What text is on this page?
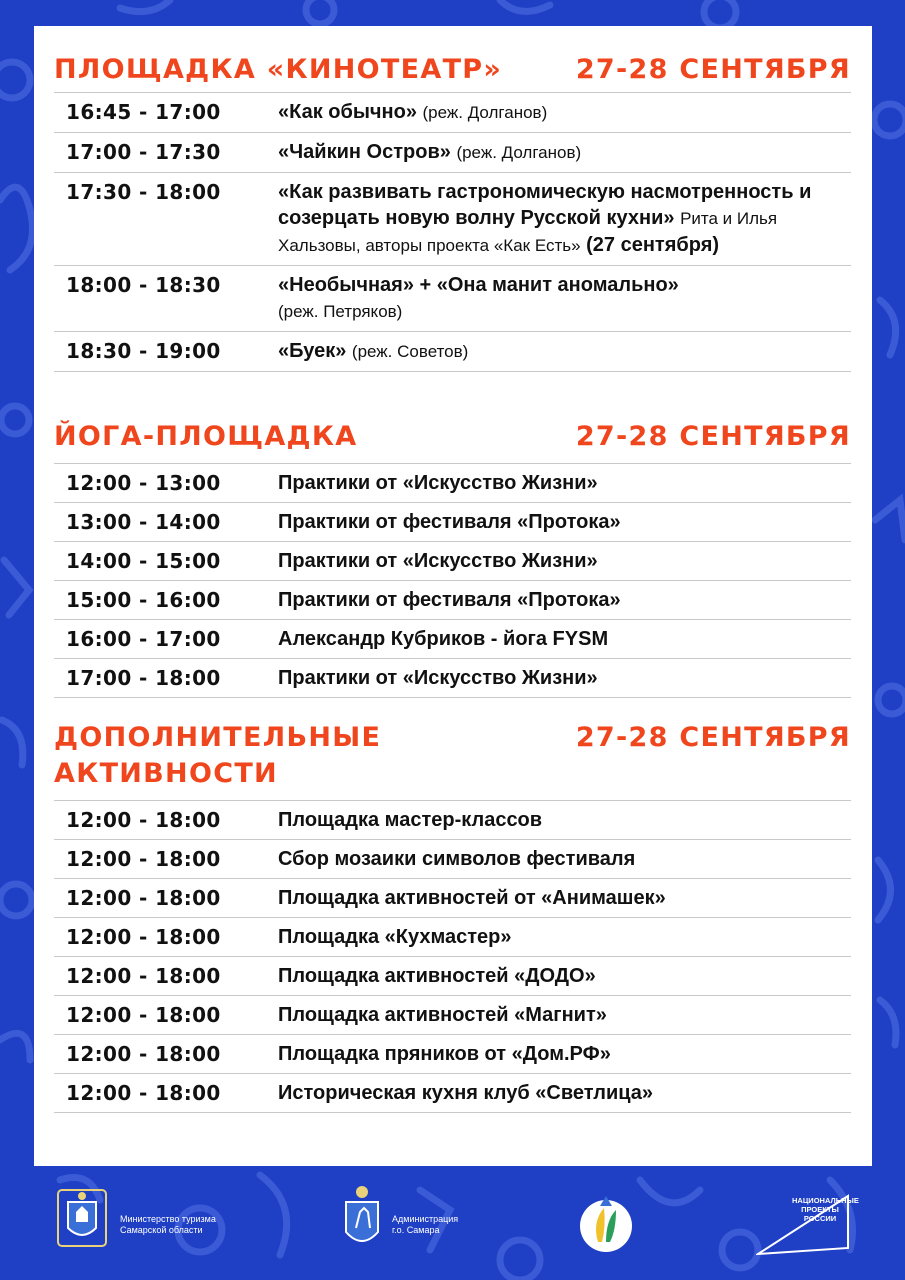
ПЛОЩАДКА «КИНОТЕАТР»	27-28 СЕНТЯБРЯ
16:45 - 17:00	«Как обычно» (реж. Долганов)
17:00 - 17:30	«Чайкин Остров» (реж. Долганов)
17:30 - 18:00	«Как развивать гастрономическую насмотренность и созерцать новую волну Русской кухни» Рита и Илья Хальзовы, авторы проекта «Как Есть» (27 сентября)
18:00 - 18:30	«Необычная» + «Она манит аномально»
(реж. Петряков)
18:30 - 19:00	«Буек» (реж. Советов)
ЙОГА-ПЛОЩАДКА	27-28 СЕНТЯБРЯ
12:00 - 13:00	Практики от «Искусство Жизни»
13:00 - 14:00	Практики от фестиваля «Протока»
14:00 - 15:00	Практики от «Искусство Жизни»
15:00 - 16:00	Практики от фестиваля «Протока»
16:00 - 17:00	Александр Кубриков - йога FYSM
17:00 - 18:00	Практики от «Искусство Жизни»
ДОПОЛНИТЕЛЬНЫЕ АКТИВНОСТИ
27-28 СЕНТЯБРЯ
12:00 - 18:00	Площадка мастер-классов
12:00 - 18:00	Сбор мозаики символов фестиваля
12:00 - 18:00	Площадка активностей от «Анимашек»
12:00 - 18:00	Площадка «Кухмастер»
12:00 - 18:00	Площадка активностей «ДОДО»
12:00 - 18:00	Площадка активностей «Магнит»
12:00 - 18:00	Площадка пряников от «Дом.РФ»
12:00 - 18:00	Историческая кухня клуб «Светлица»
Министерство туризма
Самарской области
Администрация
г.о. Самара
НАЦИОНАЛЬНЫЕ
ПРОЕКТЫ
РОССИИ
